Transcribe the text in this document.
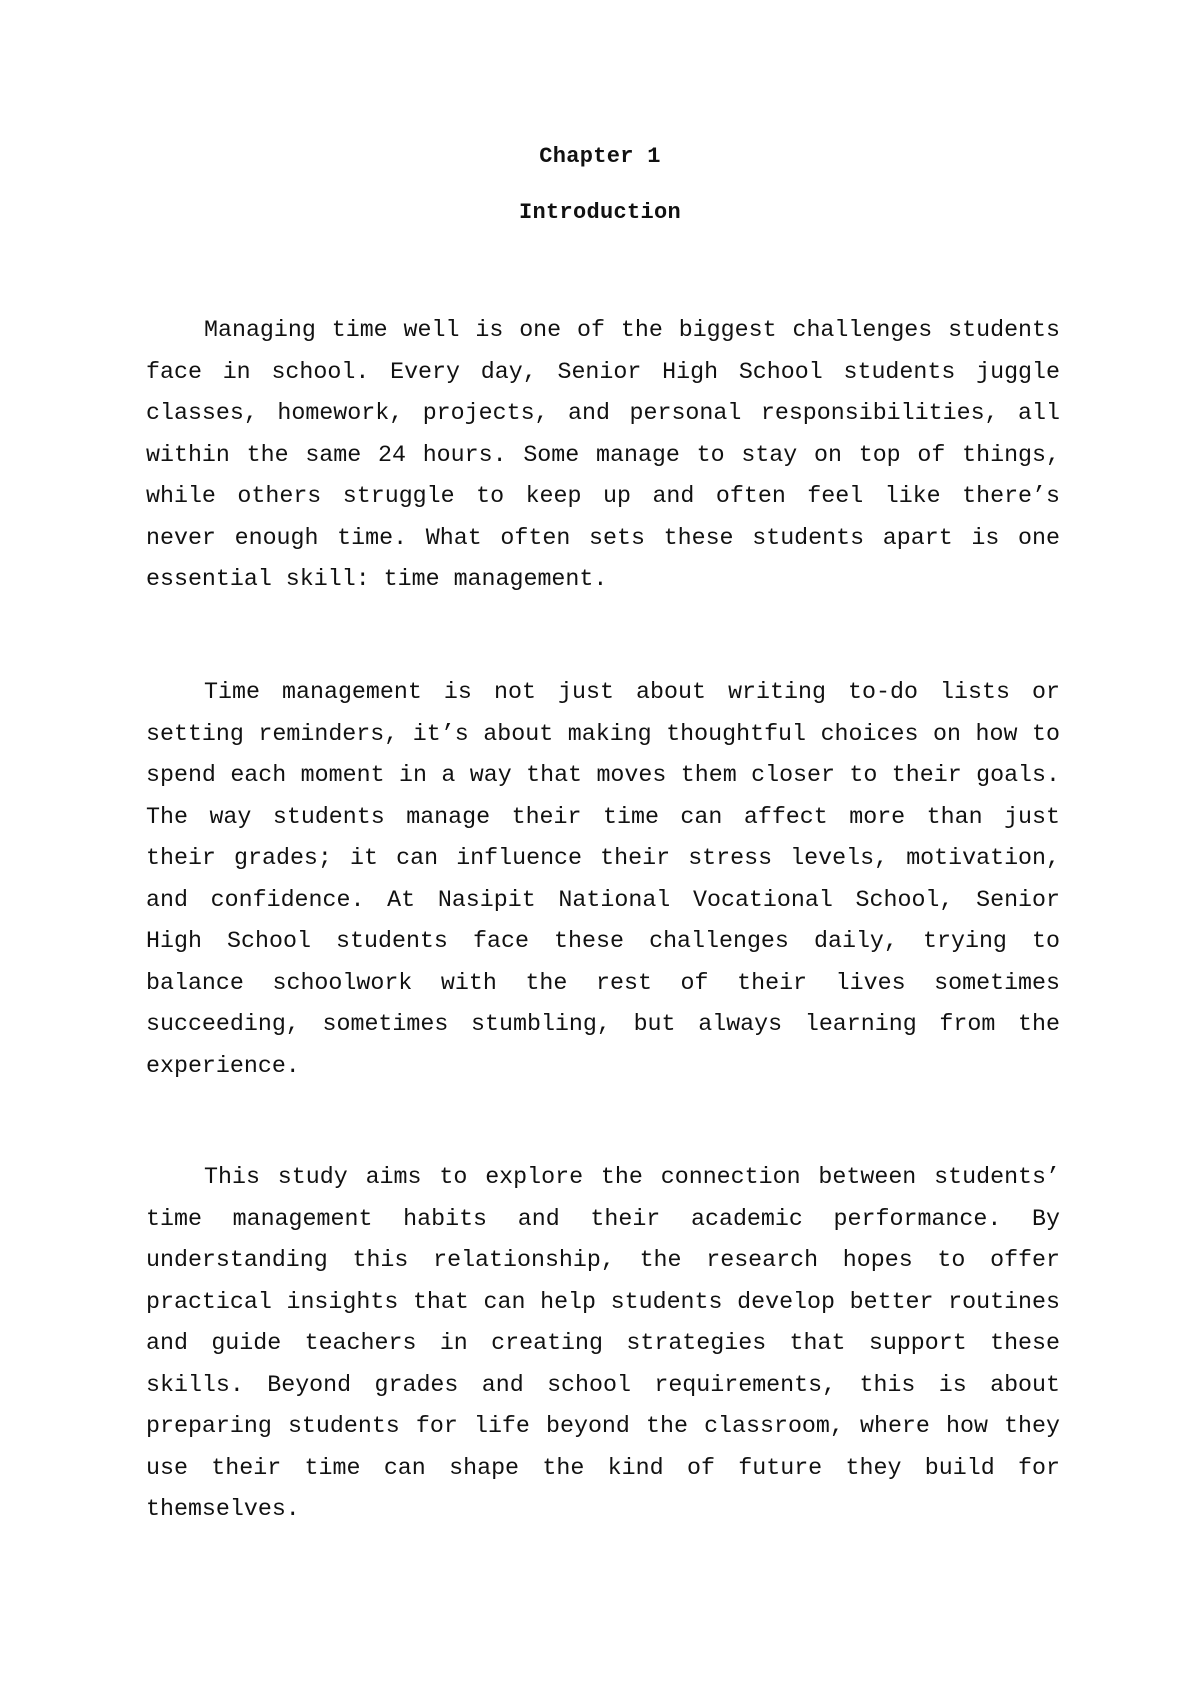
Chapter 1
Introduction

Managing time well is one of the biggest challenges students face in school. Every day, Senior High School students juggle classes, homework, projects, and personal responsibilities, all within the same 24 hours. Some manage to stay on top of things, while others struggle to keep up and often feel like there’s never enough time. What often sets these students apart is one essential skill: time management.

Time management is not just about writing to-do lists or setting reminders, it’s about making thoughtful choices on how to spend each moment in a way that moves them closer to their goals. The way students manage their time can affect more than just their grades; it can influence their stress levels, motivation, and confidence. At Nasipit National Vocational School, Senior High School students face these challenges daily, trying to balance schoolwork with the rest of their lives sometimes succeeding, sometimes stumbling, but always learning from the experience.

This study aims to explore the connection between students’ time management habits and their academic performance. By understanding this relationship, the research hopes to offer practical insights that can help students develop better routines and guide teachers in creating strategies that support these skills. Beyond grades and school requirements, this is about preparing students for life beyond the classroom, where how they use their time can shape the kind of future they build for themselves.
